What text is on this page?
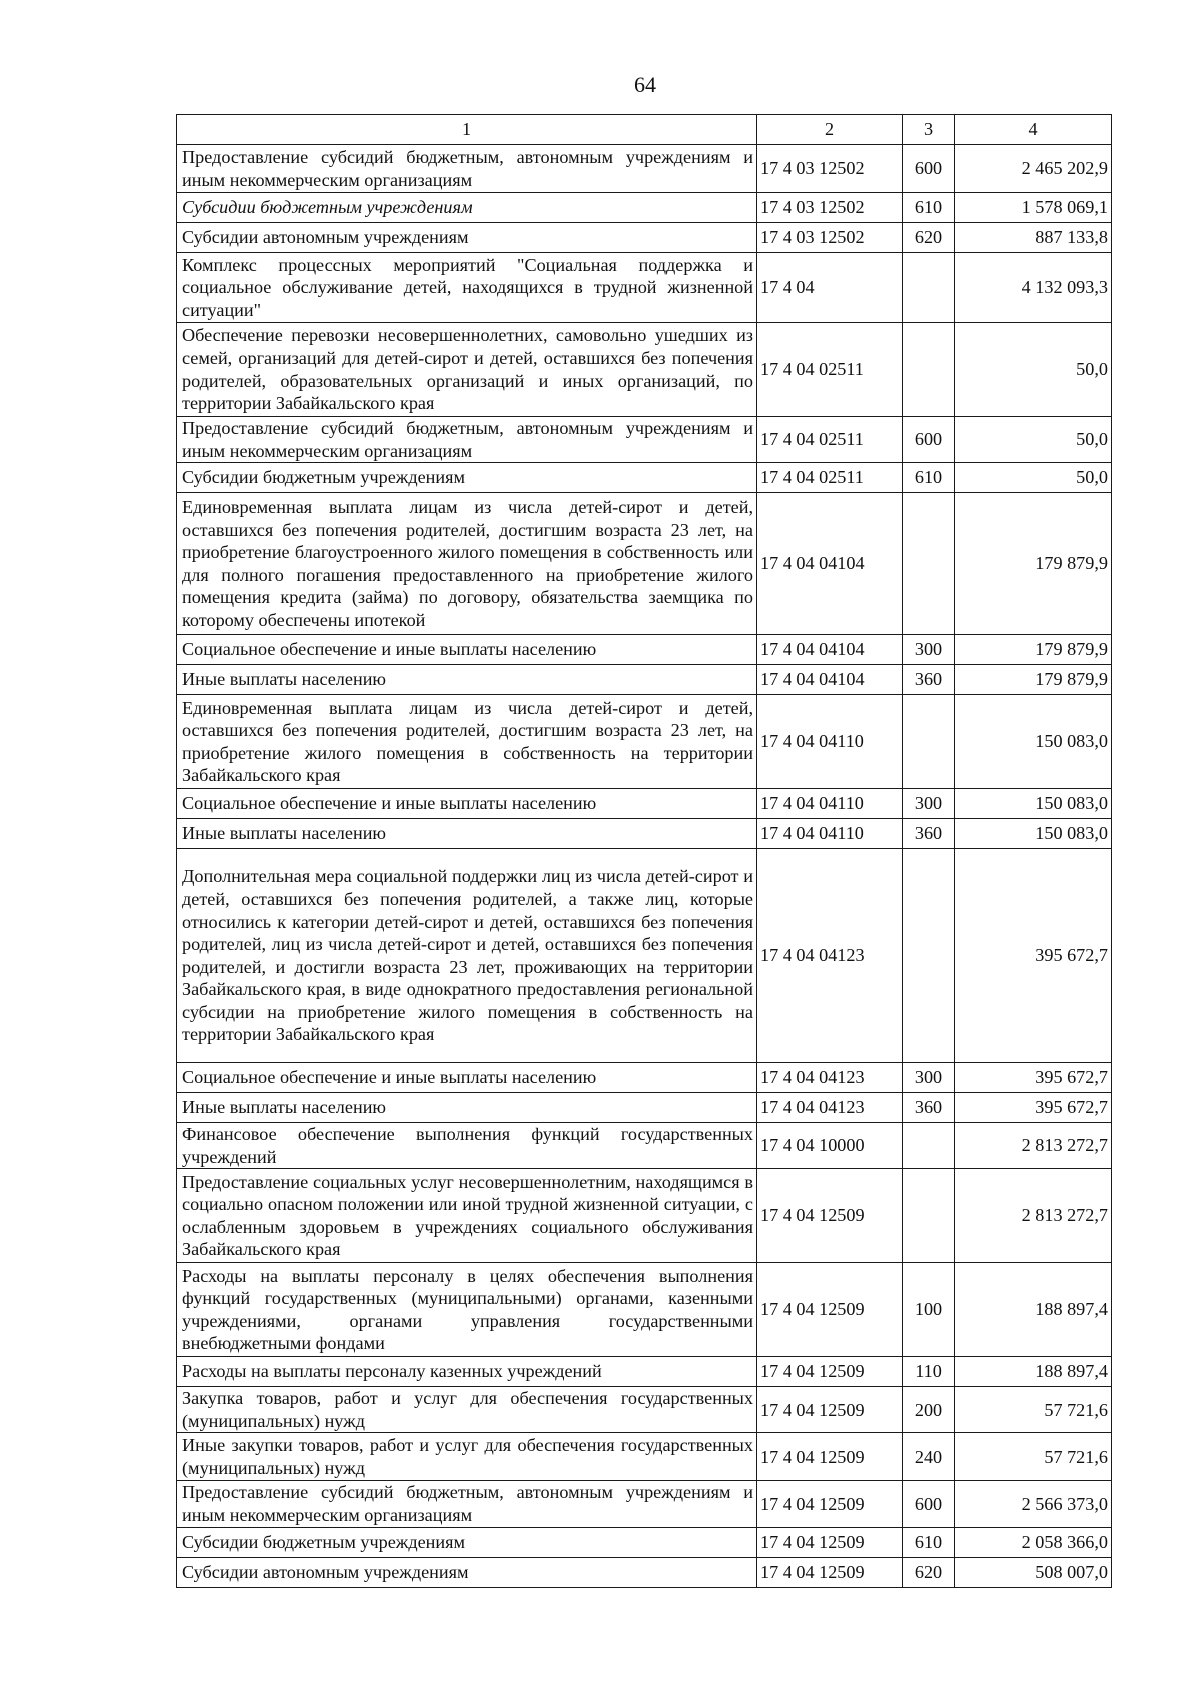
64
1	2	3	4
Предоставление субсидий бюджетным, автономным учреждениям и иным некоммерческим организациям	17 4 03 12502	600	2 465 202,9
Субсидии бюджетным учреждениям	17 4 03 12502	610	1 578 069,1
Субсидии автономным учреждениям	17 4 03 12502	620	887 133,8
Комплекс процессных мероприятий "Социальная поддержка и социальное обслуживание детей, находящихся в трудной жизненной ситуации"	17 4 04		4 132 093,3
Обеспечение перевозки несовершеннолетних, самовольно ушедших из семей, организаций для детей-сирот и детей, оставшихся без попечения родителей, образовательных организаций и иных организаций, по территории Забайкальского края	17 4 04 02511		50,0
Предоставление субсидий бюджетным, автономным учреждениям и иным некоммерческим организациям	17 4 04 02511	600	50,0
Субсидии бюджетным учреждениям	17 4 04 02511	610	50,0
Единовременная выплата лицам из числа детей-сирот и детей, оставшихся без попечения родителей, достигшим возраста 23 лет, на приобретение благоустроенного жилого помещения в собственность или для полного погашения предоставленного на приобретение жилого помещения кредита (займа) по договору, обязательства заемщика по которому обеспечены ипотекой	17 4 04 04104		179 879,9
Социальное обеспечение и иные выплаты населению	17 4 04 04104	300	179 879,9
Иные выплаты населению	17 4 04 04104	360	179 879,9
Единовременная выплата лицам из числа детей-сирот и детей, оставшихся без попечения родителей, достигшим возраста 23 лет, на приобретение жилого помещения в собственность на территории Забайкальского края	17 4 04 04110		150 083,0
Социальное обеспечение и иные выплаты населению	17 4 04 04110	300	150 083,0
Иные выплаты населению	17 4 04 04110	360	150 083,0
Дополнительная мера социальной поддержки лиц из числа детей-сирот и детей, оставшихся без попечения родителей, а также лиц, которые относились к категории детей-сирот и детей, оставшихся без попечения родителей, лиц из числа детей-сирот и детей, оставшихся без попечения родителей, и достигли возраста 23 лет, проживающих на территории Забайкальского края, в виде однократного предоставления региональной субсидии на приобретение жилого помещения в собственность на территории Забайкальского края	17 4 04 04123		395 672,7
Социальное обеспечение и иные выплаты населению	17 4 04 04123	300	395 672,7
Иные выплаты населению	17 4 04 04123	360	395 672,7
Финансовое обеспечение выполнения функций государственных учреждений	17 4 04 10000		2 813 272,7
Предоставление социальных услуг несовершеннолетним, находящимся в социально опасном положении или иной трудной жизненной ситуации, с ослабленным здоровьем в учреждениях социального обслуживания Забайкальского края	17 4 04 12509		2 813 272,7
Расходы на выплаты персоналу в целях обеспечения выполнения функций государственных (муниципальными) органами, казенными учреждениями, органами управления государственными внебюджетными фондами	17 4 04 12509	100	188 897,4
Расходы на выплаты персоналу казенных учреждений	17 4 04 12509	110	188 897,4
Закупка товаров, работ и услуг для обеспечения государственных (муниципальных) нужд	17 4 04 12509	200	57 721,6
Иные закупки товаров, работ и услуг для обеспечения государственных (муниципальных) нужд	17 4 04 12509	240	57 721,6
Предоставление субсидий бюджетным, автономным учреждениям и иным некоммерческим организациям	17 4 04 12509	600	2 566 373,0
Субсидии бюджетным учреждениям	17 4 04 12509	610	2 058 366,0
Субсидии автономным учреждениям	17 4 04 12509	620	508 007,0
